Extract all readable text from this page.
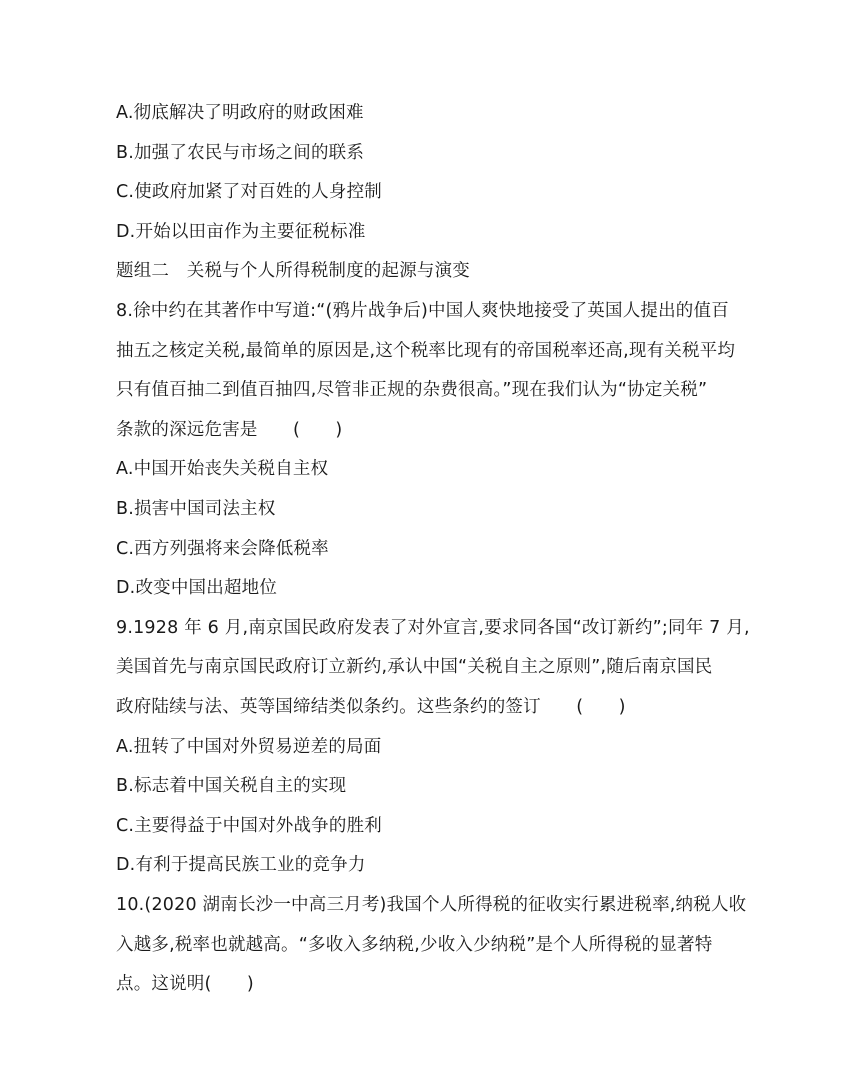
A.彻底解决了明政府的财政困难
B.加强了农民与市场之间的联系
C.使政府加紧了对百姓的人身控制
D.开始以田亩作为主要征税标准
题组二　关税与个人所得税制度的起源与演变
8.徐中约在其著作中写道:“(鸦片战争后)中国人爽快地接受了英国人提出的值百
抽五之核定关税,最简单的原因是,这个税率比现有的帝国税率还高,现有关税平均
只有值百抽二到值百抽四,尽管非正规的杂费很高。”现在我们认为“协定关税”
条款的深远危害是　　(　　)
A.中国开始丧失关税自主权
B.损害中国司法主权
C.西方列强将来会降低税率
D.改变中国出超地位
9.1928 年 6 月,南京国民政府发表了对外宣言,要求同各国“改订新约”;同年 7 月,
美国首先与南京国民政府订立新约,承认中国“关税自主之原则”,随后南京国民
政府陆续与法、英等国缔结类似条约。这些条约的签订　　(　　)
A.扭转了中国对外贸易逆差的局面
B.标志着中国关税自主的实现
C.主要得益于中国对外战争的胜利
D.有利于提高民族工业的竞争力
10.(2020 湖南长沙一中高三月考)我国个人所得税的征收实行累进税率,纳税人收
入越多,税率也就越高。“多收入多纳税,少收入少纳税”是个人所得税的显著特
点。这说明(　　)
